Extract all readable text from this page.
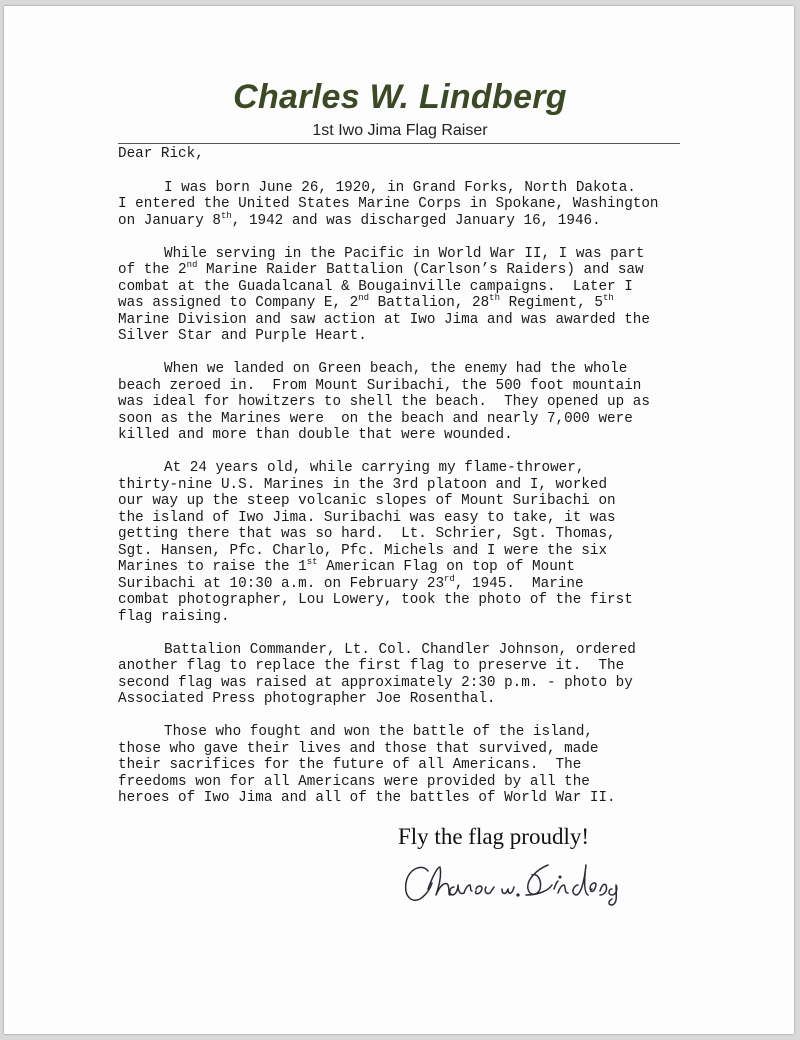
Charles W. Lindberg
1st Iwo Jima Flag Raiser
Dear Rick,
I was born June 26, 1920, in Grand Forks, North Dakota.
I entered the United States Marine Corps in Spokane, Washington
on January 8th, 1942 and was discharged January 16, 1946.
While serving in the Pacific in World War II, I was part
of the 2nd Marine Raider Battalion (Carlson’s Raiders) and saw
combat at the Guadalcanal & Bougainville campaigns.  Later I
was assigned to Company E, 2nd Battalion, 28th Regiment, 5th
Marine Division and saw action at Iwo Jima and was awarded the
Silver Star and Purple Heart.
When we landed on Green beach, the enemy had the whole
beach zeroed in.  From Mount Suribachi, the 500 foot mountain
was ideal for howitzers to shell the beach.  They opened up as
soon as the Marines were  on the beach and nearly 7,000 were
killed and more than double that were wounded.
At 24 years old, while carrying my flame-thrower,
thirty-nine U.S. Marines in the 3rd platoon and I, worked
our way up the steep volcanic slopes of Mount Suribachi on
the island of Iwo Jima. Suribachi was easy to take, it was
getting there that was so hard.  Lt. Schrier, Sgt. Thomas,
Sgt. Hansen, Pfc. Charlo, Pfc. Michels and I were the six
Marines to raise the 1st American Flag on top of Mount
Suribachi at 10:30 a.m. on February 23rd, 1945.  Marine
combat photographer, Lou Lowery, took the photo of the first
flag raising.
Battalion Commander, Lt. Col. Chandler Johnson, ordered
another flag to replace the first flag to preserve it.  The
second flag was raised at approximately 2:30 p.m. - photo by
Associated Press photographer Joe Rosenthal.
Those who fought and won the battle of the island,
those who gave their lives and those that survived, made
their sacrifices for the future of all Americans.  The
freedoms won for all Americans were provided by all the
heroes of Iwo Jima and all of the battles of World War II.
Fly the flag proudly!
